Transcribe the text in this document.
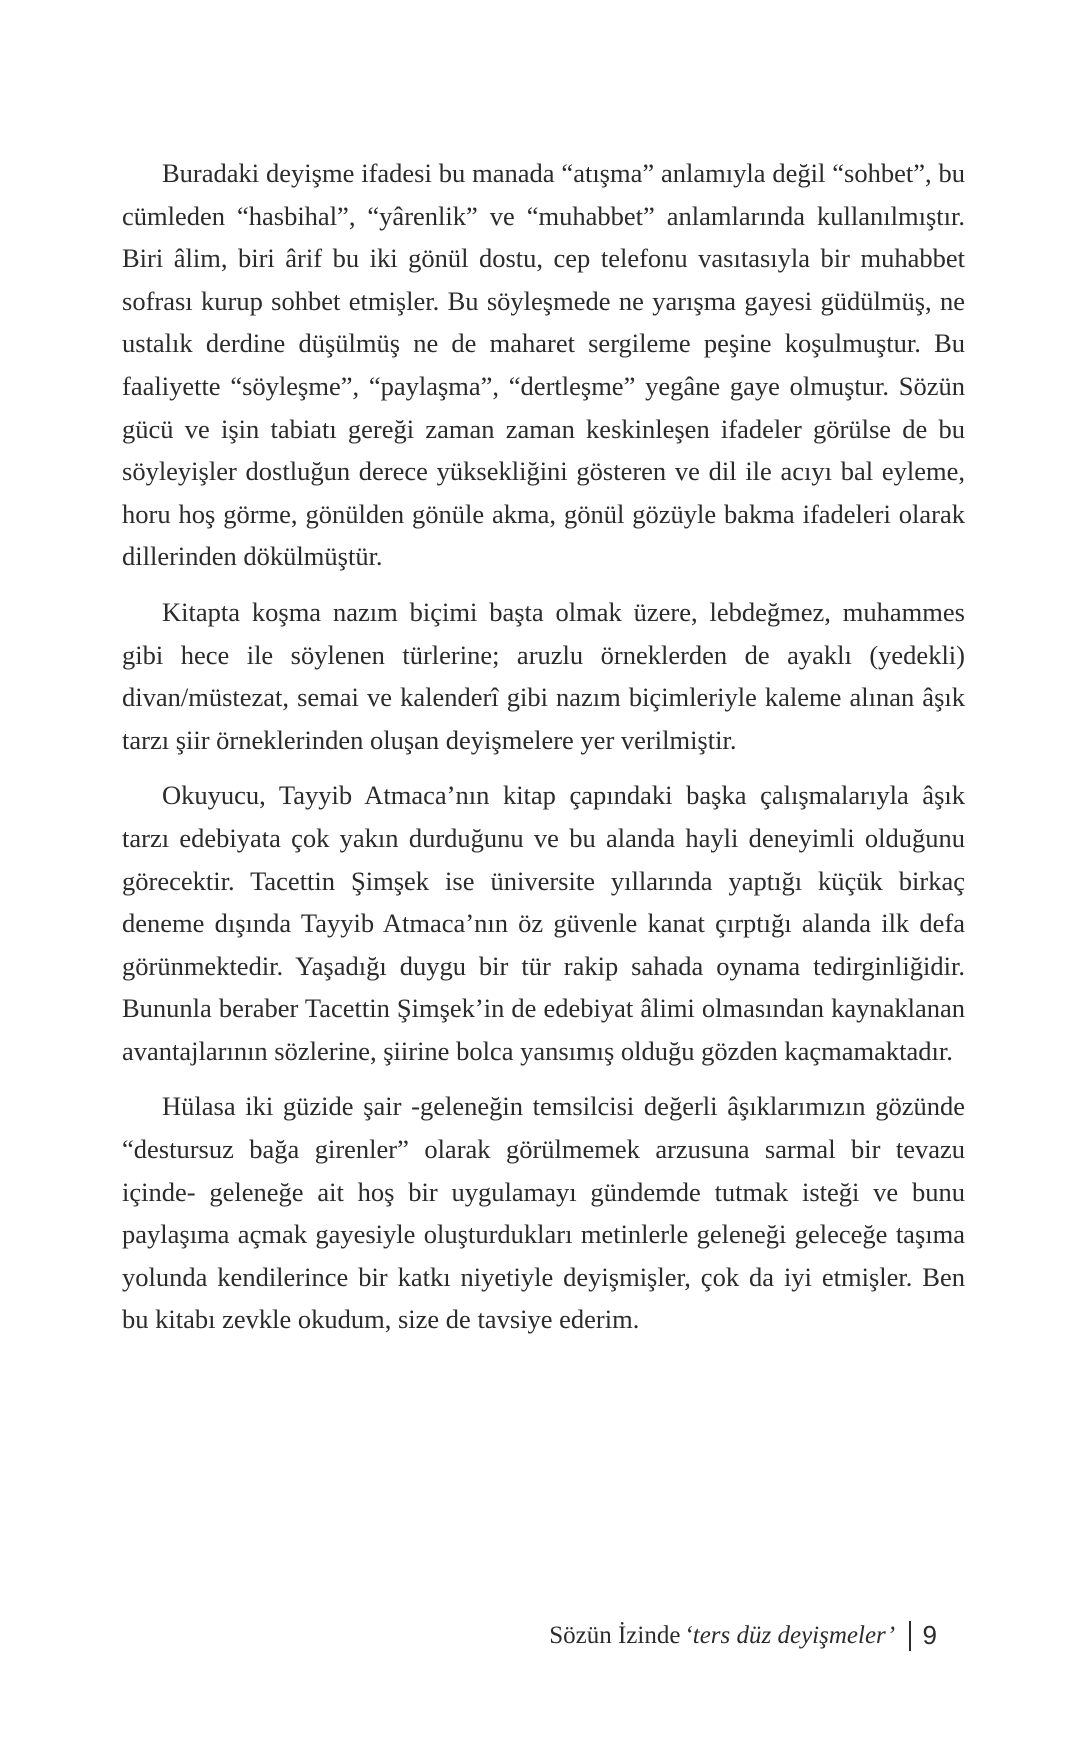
Buradaki deyişme ifadesi bu manada “atışma” anlamıyla değil “sohbet”, bu cümleden “hasbihal”, “yârenlik” ve “muhabbet” anlamlarında kullanılmıştır. Biri âlim, biri ârif bu iki gönül dostu, cep telefonu vasıtasıyla bir muhabbet sofrası kurup sohbet etmişler. Bu söyleşmede ne yarışma gayesi güdülmüş, ne ustalık derdine düşülmüş ne de maharet sergileme peşine koşulmuştur. Bu faaliyette “söyleşme”, “paylaşma”, “dertleşme” yegâne gaye olmuştur. Sözün gücü ve işin tabiatı gereği zaman zaman keskinleşen ifadeler görülse de bu söyleyişler dostluğun derece yüksekliğini gösteren ve dil ile acıyı bal eyleme, horu hoş görme, gönülden gönüle akma, gönül gözüyle bakma ifadeleri olarak dillerinden dökülmüştür.

Kitapta koşma nazım biçimi başta olmak üzere, lebdeğmez, muhammes gibi hece ile söylenen türlerine; aruzlu örneklerden de ayaklı (yedekli) divan/müstezat, semai ve kalenderî gibi nazım biçimleriyle kaleme alınan âşık tarzı şiir örneklerinden oluşan deyişmelere yer verilmiştir.

Okuyucu, Tayyib Atmaca’nın kitap çapındaki başka çalışmalarıyla âşık tarzı edebiyata çok yakın durduğunu ve bu alanda hayli deneyimli olduğunu görecektir. Tacettin Şimşek ise üniversite yıllarında yaptığı küçük birkaç deneme dışında Tayyib Atmaca’nın öz güvenle kanat çırptığı alanda ilk defa görünmektedir. Yaşadığı duygu bir tür rakip sahada oynama tedirginliğidir. Bununla beraber Tacettin Şimşek’in de edebiyat âlimi olmasından kaynaklanan avantajlarının sözlerine, şiirine bolca yansımış olduğu gözden kaçmamaktadır.

Hülasa iki güzide şair -geleneğin temsilcisi değerli âşıklarımızın gözünde “destursuz bağa girenler” olarak görülmemek arzusuna sarmal bir tevazu içinde- geleneğe ait hoş bir uygulamayı gündemde tutmak isteği ve bunu paylaşıma açmak gayesiyle oluşturdukları metinlerle geleneği geleceğe taşıma yolunda kendilerince bir katkı niyetiyle deyişmişler, çok da iyi etmişler. Ben bu kitabı zevkle okudum, size de tavsiye ederim.

Sözün İzinde ‘ters düz deyişmeler’ 9
